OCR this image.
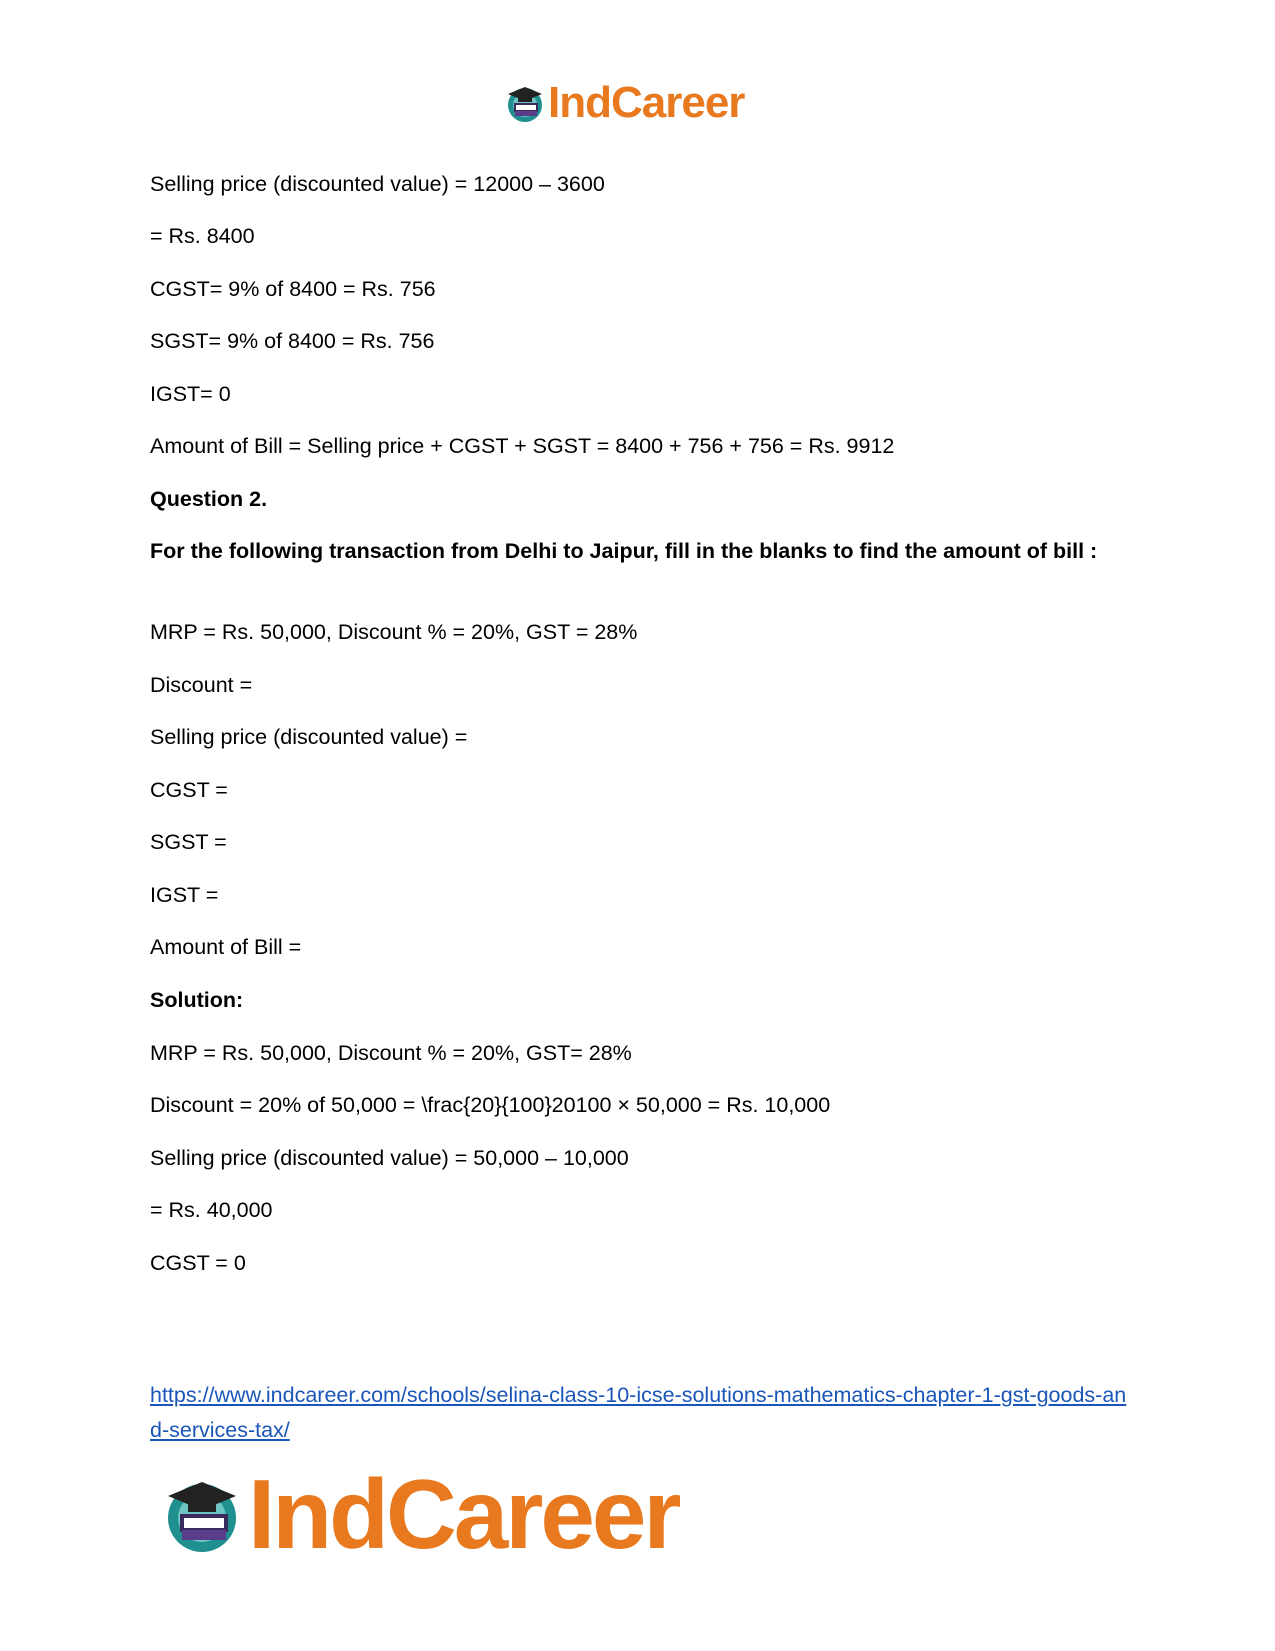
IndCareer

Selling price (discounted value) = 12000 – 3600

= Rs. 8400

CGST= 9% of 8400 = Rs. 756

SGST= 9% of 8400 = Rs. 756

IGST= 0

Amount of Bill = Selling price + CGST + SGST = 8400 + 756 + 756 = Rs. 9912

Question 2.

For the following transaction from Delhi to Jaipur, fill in the blanks to find the amount of bill :

MRP = Rs. 50,000, Discount % = 20%, GST = 28%

Discount =

Selling price (discounted value) =

CGST =

SGST =

IGST =

Amount of Bill =

Solution:

MRP = Rs. 50,000, Discount % = 20%, GST= 28%

Discount = 20% of 50,000 = \frac{20}{100}20100 × 50,000 = Rs. 10,000

Selling price (discounted value) = 50,000 – 10,000

= Rs. 40,000

CGST = 0

https://www.indcareer.com/schools/selina-class-10-icse-solutions-mathematics-chapter-1-gst-goods-and-services-tax/
IndCareer
